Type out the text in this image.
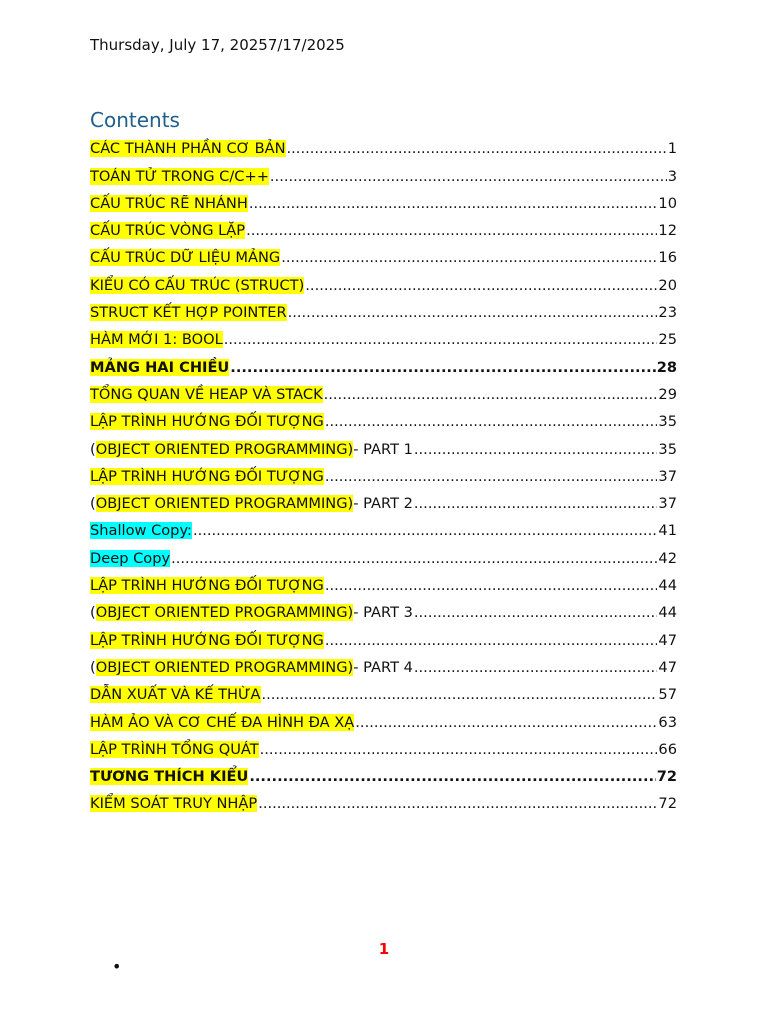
Thursday, July 17, 20257/17/2025
Contents
CÁC THÀNH PHẦN CƠ BẢN .....	1
TOÁN TỬ TRONG C/C++ .....	3
CẤU TRÚC RẼ NHÁNH .....	10
CẤU TRÚC VÒNG LẶP .....	12
CẤU TRÚC DỮ LIỆU MẢNG .....	16
KIỂU CÓ CẤU TRÚC (STRUCT) .....	20
STRUCT KẾT HỢP POINTER .....	23
HÀM MỚI 1: BOOL .....	25
MẢNG HAI CHIỀU .....	28
TỔNG QUAN VỀ HEAP VÀ STACK .....	29
LẬP TRÌNH HƯỚNG ĐỐI TƯỢNG .....	35
(OBJECT ORIENTED PROGRAMMING)- PART 1 .....	35
LẬP TRÌNH HƯỚNG ĐỐI TƯỢNG .....	37
(OBJECT ORIENTED PROGRAMMING)- PART 2 .....	37
Shallow Copy: .....	41
Deep Copy .....	42
LẬP TRÌNH HƯỚNG ĐỐI TƯỢNG .....	44
(OBJECT ORIENTED PROGRAMMING)- PART 3 .....	44
LẬP TRÌNH HƯỚNG ĐỐI TƯỢNG .....	47
(OBJECT ORIENTED PROGRAMMING)- PART 4 .....	47
DẪN XUẤT VÀ KẾ THỪA .....	57
HÀM ẢO VÀ CƠ CHẾ ĐA HÌNH ĐA XẠ .....	63
LẬP TRÌNH TỔNG QUÁT .....	66
TƯƠNG THÍCH KIỂU .....	72
KIỂM SOÁT TRUY NHẬP .....	72
1
•
